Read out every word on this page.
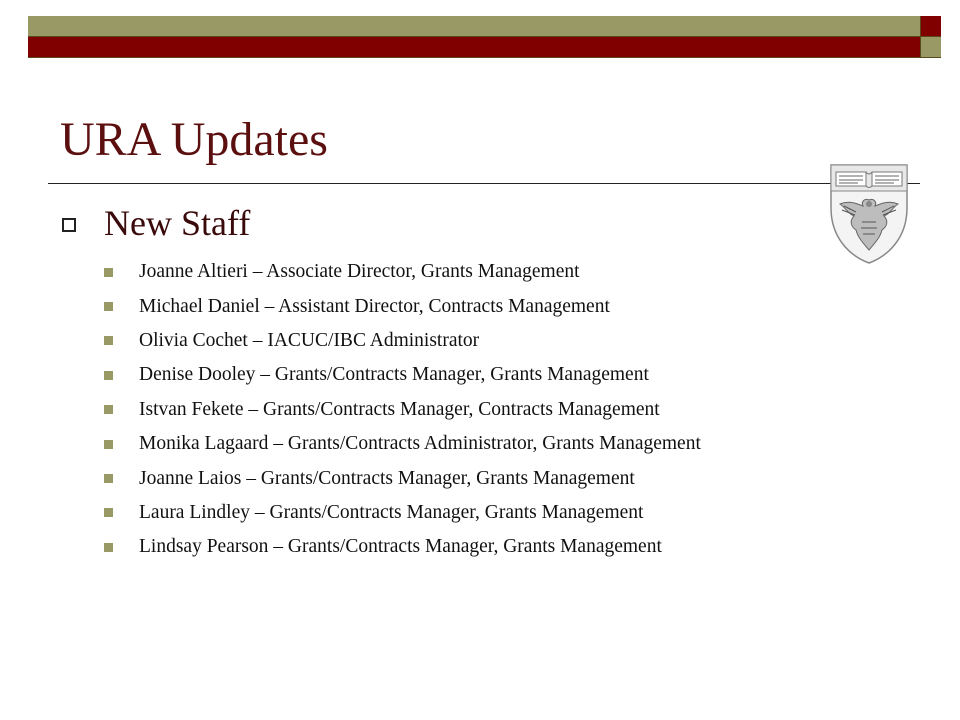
URA Updates
New Staff
Joanne Altieri – Associate Director, Grants Management
Michael Daniel – Assistant Director, Contracts Management
Olivia Cochet – IACUC/IBC Administrator
Denise Dooley – Grants/Contracts Manager, Grants Management
Istvan Fekete – Grants/Contracts Manager, Contracts Management
Monika Lagaard – Grants/Contracts Administrator, Grants Management
Joanne Laios – Grants/Contracts Manager, Grants Management
Laura Lindley – Grants/Contracts Manager, Grants Management
Lindsay Pearson – Grants/Contracts Manager, Grants Management
